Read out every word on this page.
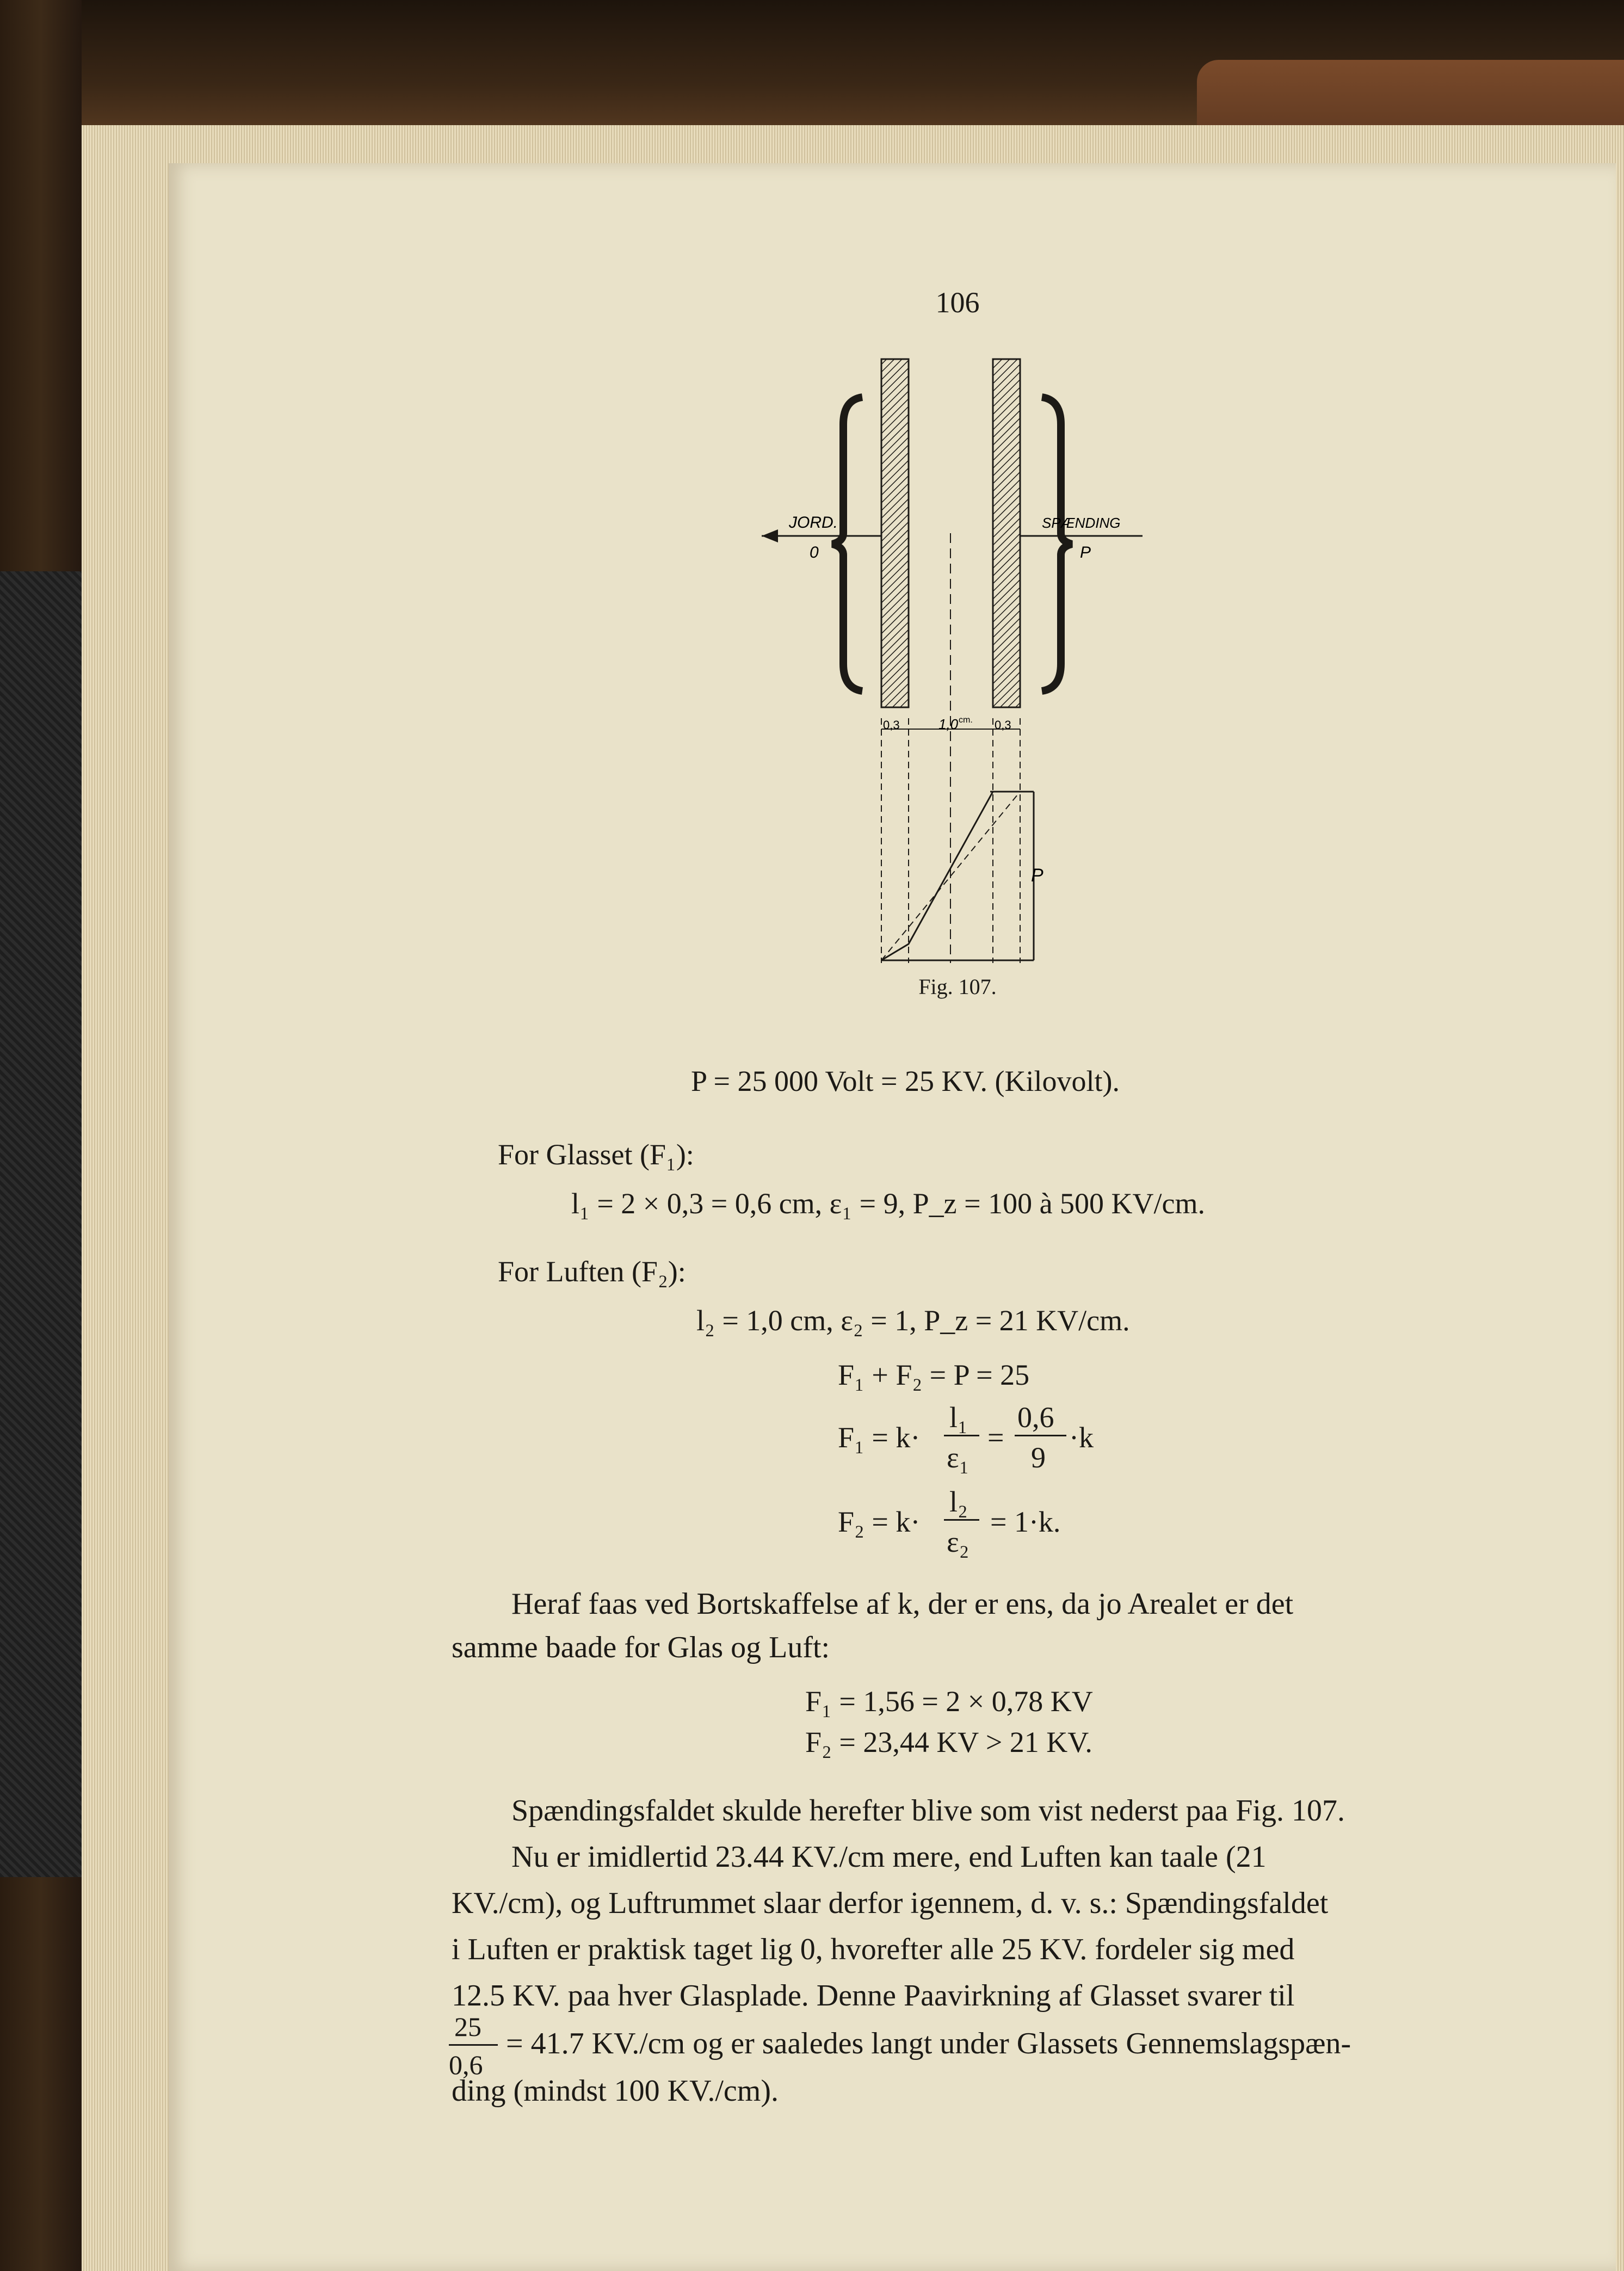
106
JORD.
0
SPÆNDING
P
0,3	1,0 cm. 0,3
P
Fig. 107.
P = 25 000 Volt = 25 KV. (Kilovolt).
For Glasset (F₁):
l₁ = 2 × 0,3 = 0,6 cm, ε₁ = 9, P_z = 100 à 500 KV/cm.
For Luften (F₂):
l₂ = 1,0 cm, ε₂ = 1, P_z = 21 KV/cm.
F₁ + F₂ = P = 25
F₁ = k·
l₁
ε₁
=
0,6
9
·k
F₂ = k·
l₂
ε₂
= 1·k.
Heraf faas ved Bortskaffelse af k, der er ens, da jo Arealet er det
samme baade for Glas og Luft:
F₁ = 1,56 = 2 × 0,78 KV
F₂ = 23,44 KV > 21 KV.
Spændingsfaldet skulde herefter blive som vist nederst paa Fig. 107.
Nu er imidlertid 23.44 KV./cm mere, end Luften kan taale (21
KV./cm), og Luftrummet slaar derfor igennem, d. v. s.: Spændingsfaldet
i Luften er praktisk taget lig 0, hvorefter alle 25 KV. fordeler sig med
12.5 KV. paa hver Glasplade. Denne Paavirkning af Glasset svarer til
25
0,6
= 41.7 KV./cm og er saaledes langt under Glassets Gennemslagspæn-
ding (mindst 100 KV./cm).
